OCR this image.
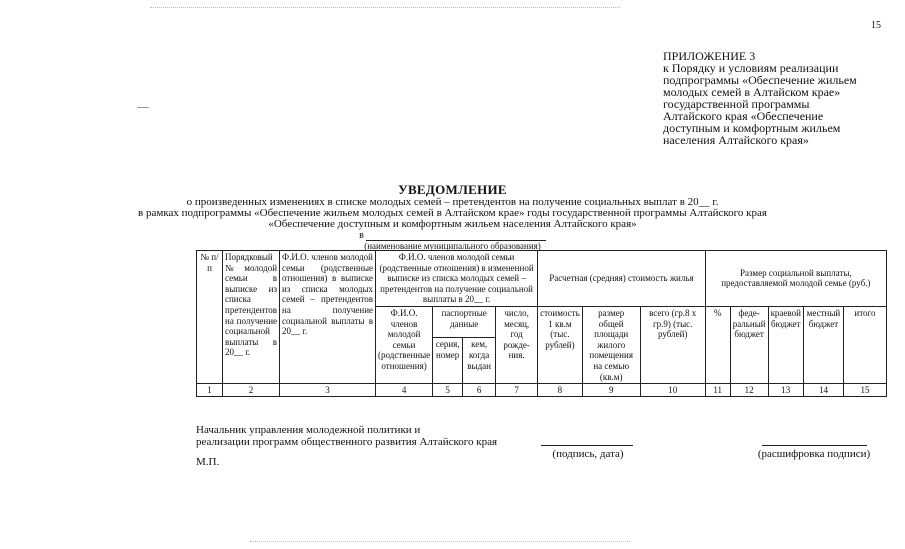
15
ПРИЛОЖЕНИЕ 3
к Порядку и условиям реализации
подпрограммы «Обеспечение жильем
молодых семей в Алтайском крае»
государственной программы
Алтайского края «Обеспечение
доступным и комфортным жильем
населения Алтайского края»
УВЕДОМЛЕНИЕ
о произведенных изменениях в списке молодых семей – претендентов на получение социальных выплат в 20__ г.
в рамках подпрограммы «Обеспечение жильем молодых семей в Алтайском крае» годы государственной программы Алтайского края
«Обеспечение доступным и комфортным жильем населения Алтайского края»
в
(наименование муниципального образования)
№ п/п	Порядковый № молодой семьи в выписке из списка претендентов на получение социальной выплаты в 20__ г.	Ф.И.О. членов молодой семьи (родственные отношения) в выписке из списка молодых семей – претендентов на получение социальной выплаты в 20__ г.	Ф.И.О. членов молодой семьи (родственные отношения) в измененной выписке из списка молодых семей – претендентов на получение социальной выплаты в 20__ г.				Расчетная (средняя) стоимость жилья			Размер социальной выплаты, предоставляемой молодой семье (руб.)				
			Ф.И.О. членов молодой семьи (родственные отношения)	паспортные данные		число, месяц, год рожде-ния.	стоимость 1 кв.м (тыс. рублей)	размер общей площади жилого помещения на семью (кв.м)	всего (гр.8 х гр.9) (тыс. рублей)	%	феде-ральный бюджет	краевой бюджет	местный бюджет	итого
				серия, номер	кем, когда выдан									
1	2	3	4	5	6	7	8	9	10	11	12	13	14	15
Начальник управления молодежной политики и
реализации программ общественного развития Алтайского края
(подпись, дата)	(расшифровка подписи)
М.П.
